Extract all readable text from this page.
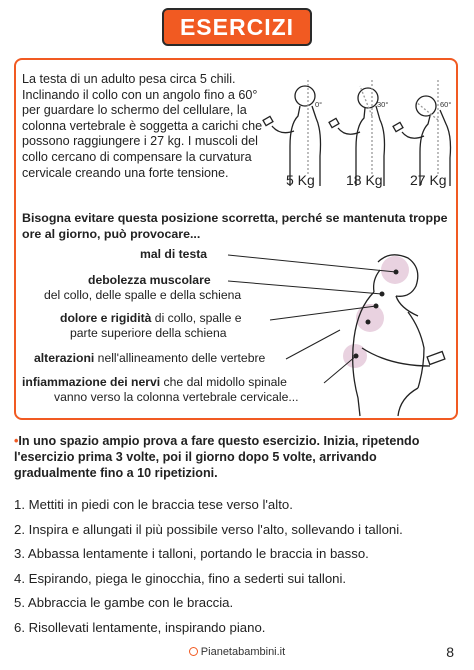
ESERCIZI
La testa di un adulto pesa circa 5 chili. Inclinando il collo con un angolo fino a 60° per guardare lo schermo del cellulare, la colonna vertebrale è soggetta a carichi che possono raggiungere i 27 kg. I muscoli del collo cercano di compensare la curvatura cervicale creando una forte tensione.
0°	30°	60°
5 Kg 18 Kg 27 Kg
Bisogna evitare questa posizione scorretta, perché se mantenuta troppe ore al giorno, può provocare...
mal di testa
debolezza muscolare
del collo, delle spalle e della schiena
dolore e rigidità di collo, spalle e
parte superiore della schiena
alterazioni nell'allineamento delle vertebre
infiammazione dei nervi che dal midollo spinale
vanno verso la colonna vertebrale cervicale...
•In uno spazio ampio prova a fare questo esercizio. Inizia, ripetendo l'esercizio prima 3 volte, poi il giorno dopo 5 volte, arrivando gradualmente fino a 10 ripetizioni.
1. Mettiti in piedi con le braccia tese verso l'alto.
2. Inspira e allungati il più possibile verso l'alto, sollevando i talloni.
3. Abbassa lentamente i talloni, portando le braccia in basso.
4. Espirando, piega le ginocchia, fino a sederti sui talloni.
5. Abbraccia le gambe con le braccia.
6. Risollevati lentamente, inspirando piano.
Pianetabambini.it	8
